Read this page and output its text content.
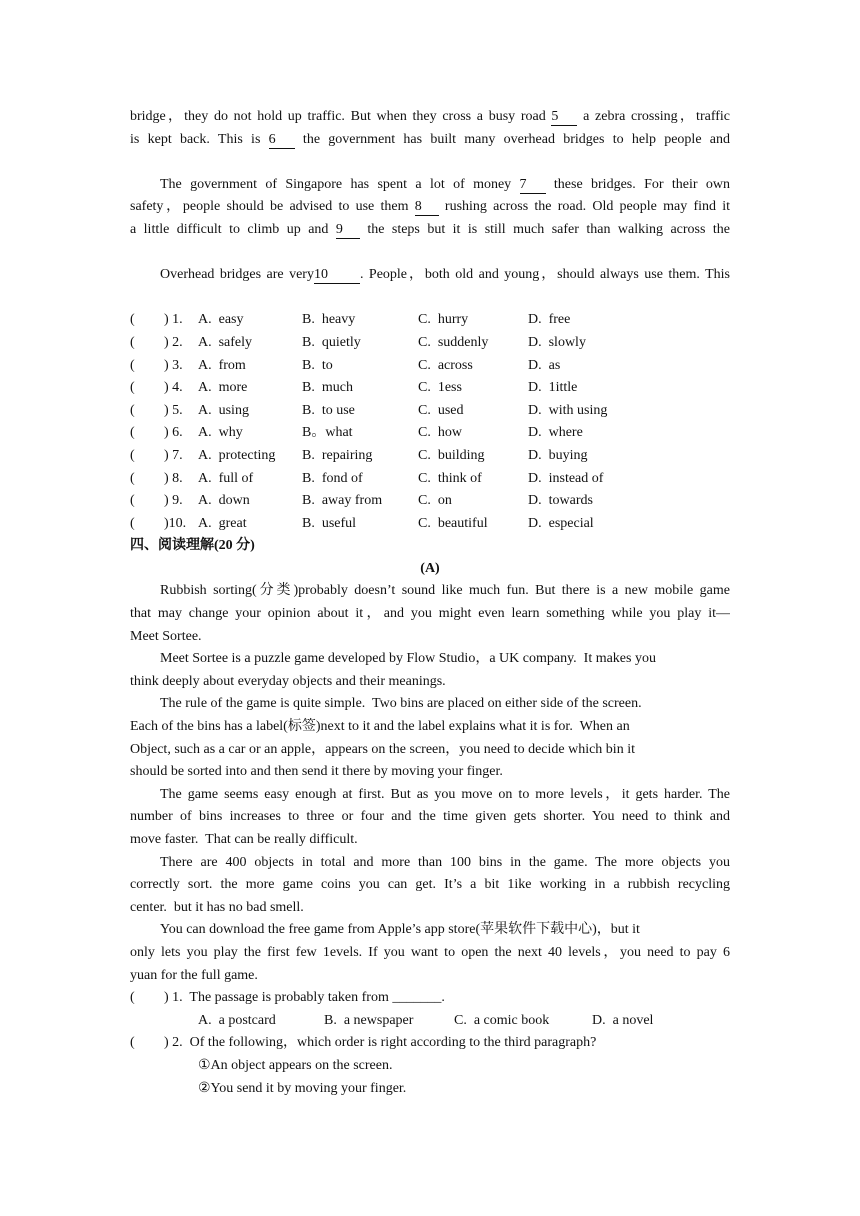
bridge，they do not hold up traffic. But when they cross a busy road 5 a zebra crossing，traffic
is kept back. This is 6 the government has built many overhead bridges to help people and

The government of Singapore has spent a lot of money 7 these bridges. For their own
safety，people should be advised to use them 8 rushing across the road. Old people may find it
a little difficult to climb up and 9 the steps but it is still much safer than walking across the

Overhead bridges are very10 . People，both old and young，should always use them. This

( ) 1. A.  easy	B.  heavy	C.  hurry	D.  free
( ) 2. A.  safely	B.  quietly	C.  suddenly	D.  slowly
( ) 3. A.  from	B.  to	C.  across	D.  as
( ) 4. A.  more	B.  much	C.  1ess	D.  1ittle
( ) 5. A.  using	B.  to use	C.  used	D.  with using
( ) 6. A.  why	B。what	C.  how	D.  where
( ) 7. A.  protecting B.  repairing	C.  building	D.  buying
( ) 8. A.  full of	B.  fond of	C.  think of	D.  instead of
( ) 9. A.  down	B.  away from	C.  on	D.  towards
( )10. A.  great	B.  useful	C.  beautiful	D.  especial
四、阅读理解(20 分)
(A)
Rubbish sorting(分类)probably doesn’t sound like much fun. But there is a new mobile game
that may change your opinion about it，and you might even learn something while you play it—
Meet Sortee.
Meet Sortee is a puzzle game developed by Flow Studio，a UK company.  It makes you
think deeply about everyday objects and their meanings.
The rule of the game is quite simple.  Two bins are placed on either side of the screen.
Each of the bins has a label(标签)next to it and the label explains what it is for.  When an
Object, such as a car or an apple，appears on the screen，you need to decide which bin it
should be sorted into and then send it there by moving your finger.
The game seems easy enough at first. But as you move on to more levels，it gets harder. The
number of bins increases to three or four and the time given gets shorter. You need to think and
move faster.  That can be really difficult.
There are 400 objects in total and more than 100 bins in the game. The more objects you
correctly sort. the more game coins you can get. It’s a bit 1ike working in a rubbish recycling
center.  but it has no bad smell.
You can download the free game from Apple’s app store(苹果软件下载中心)，but it
only lets you play the first few 1evels. If you want to open the next 40 levels，you need to pay 6
yuan for the full game.

(

) 1.  The passage is probably taken from _______.

A.  a postcard

	B.  a newspaper

	C.  a comic book

	D.  a novel

(

) 2.  Of the following，which order is right according to the third paragraph?

①An object appears on the screen.
②You send it by moving your finger.
